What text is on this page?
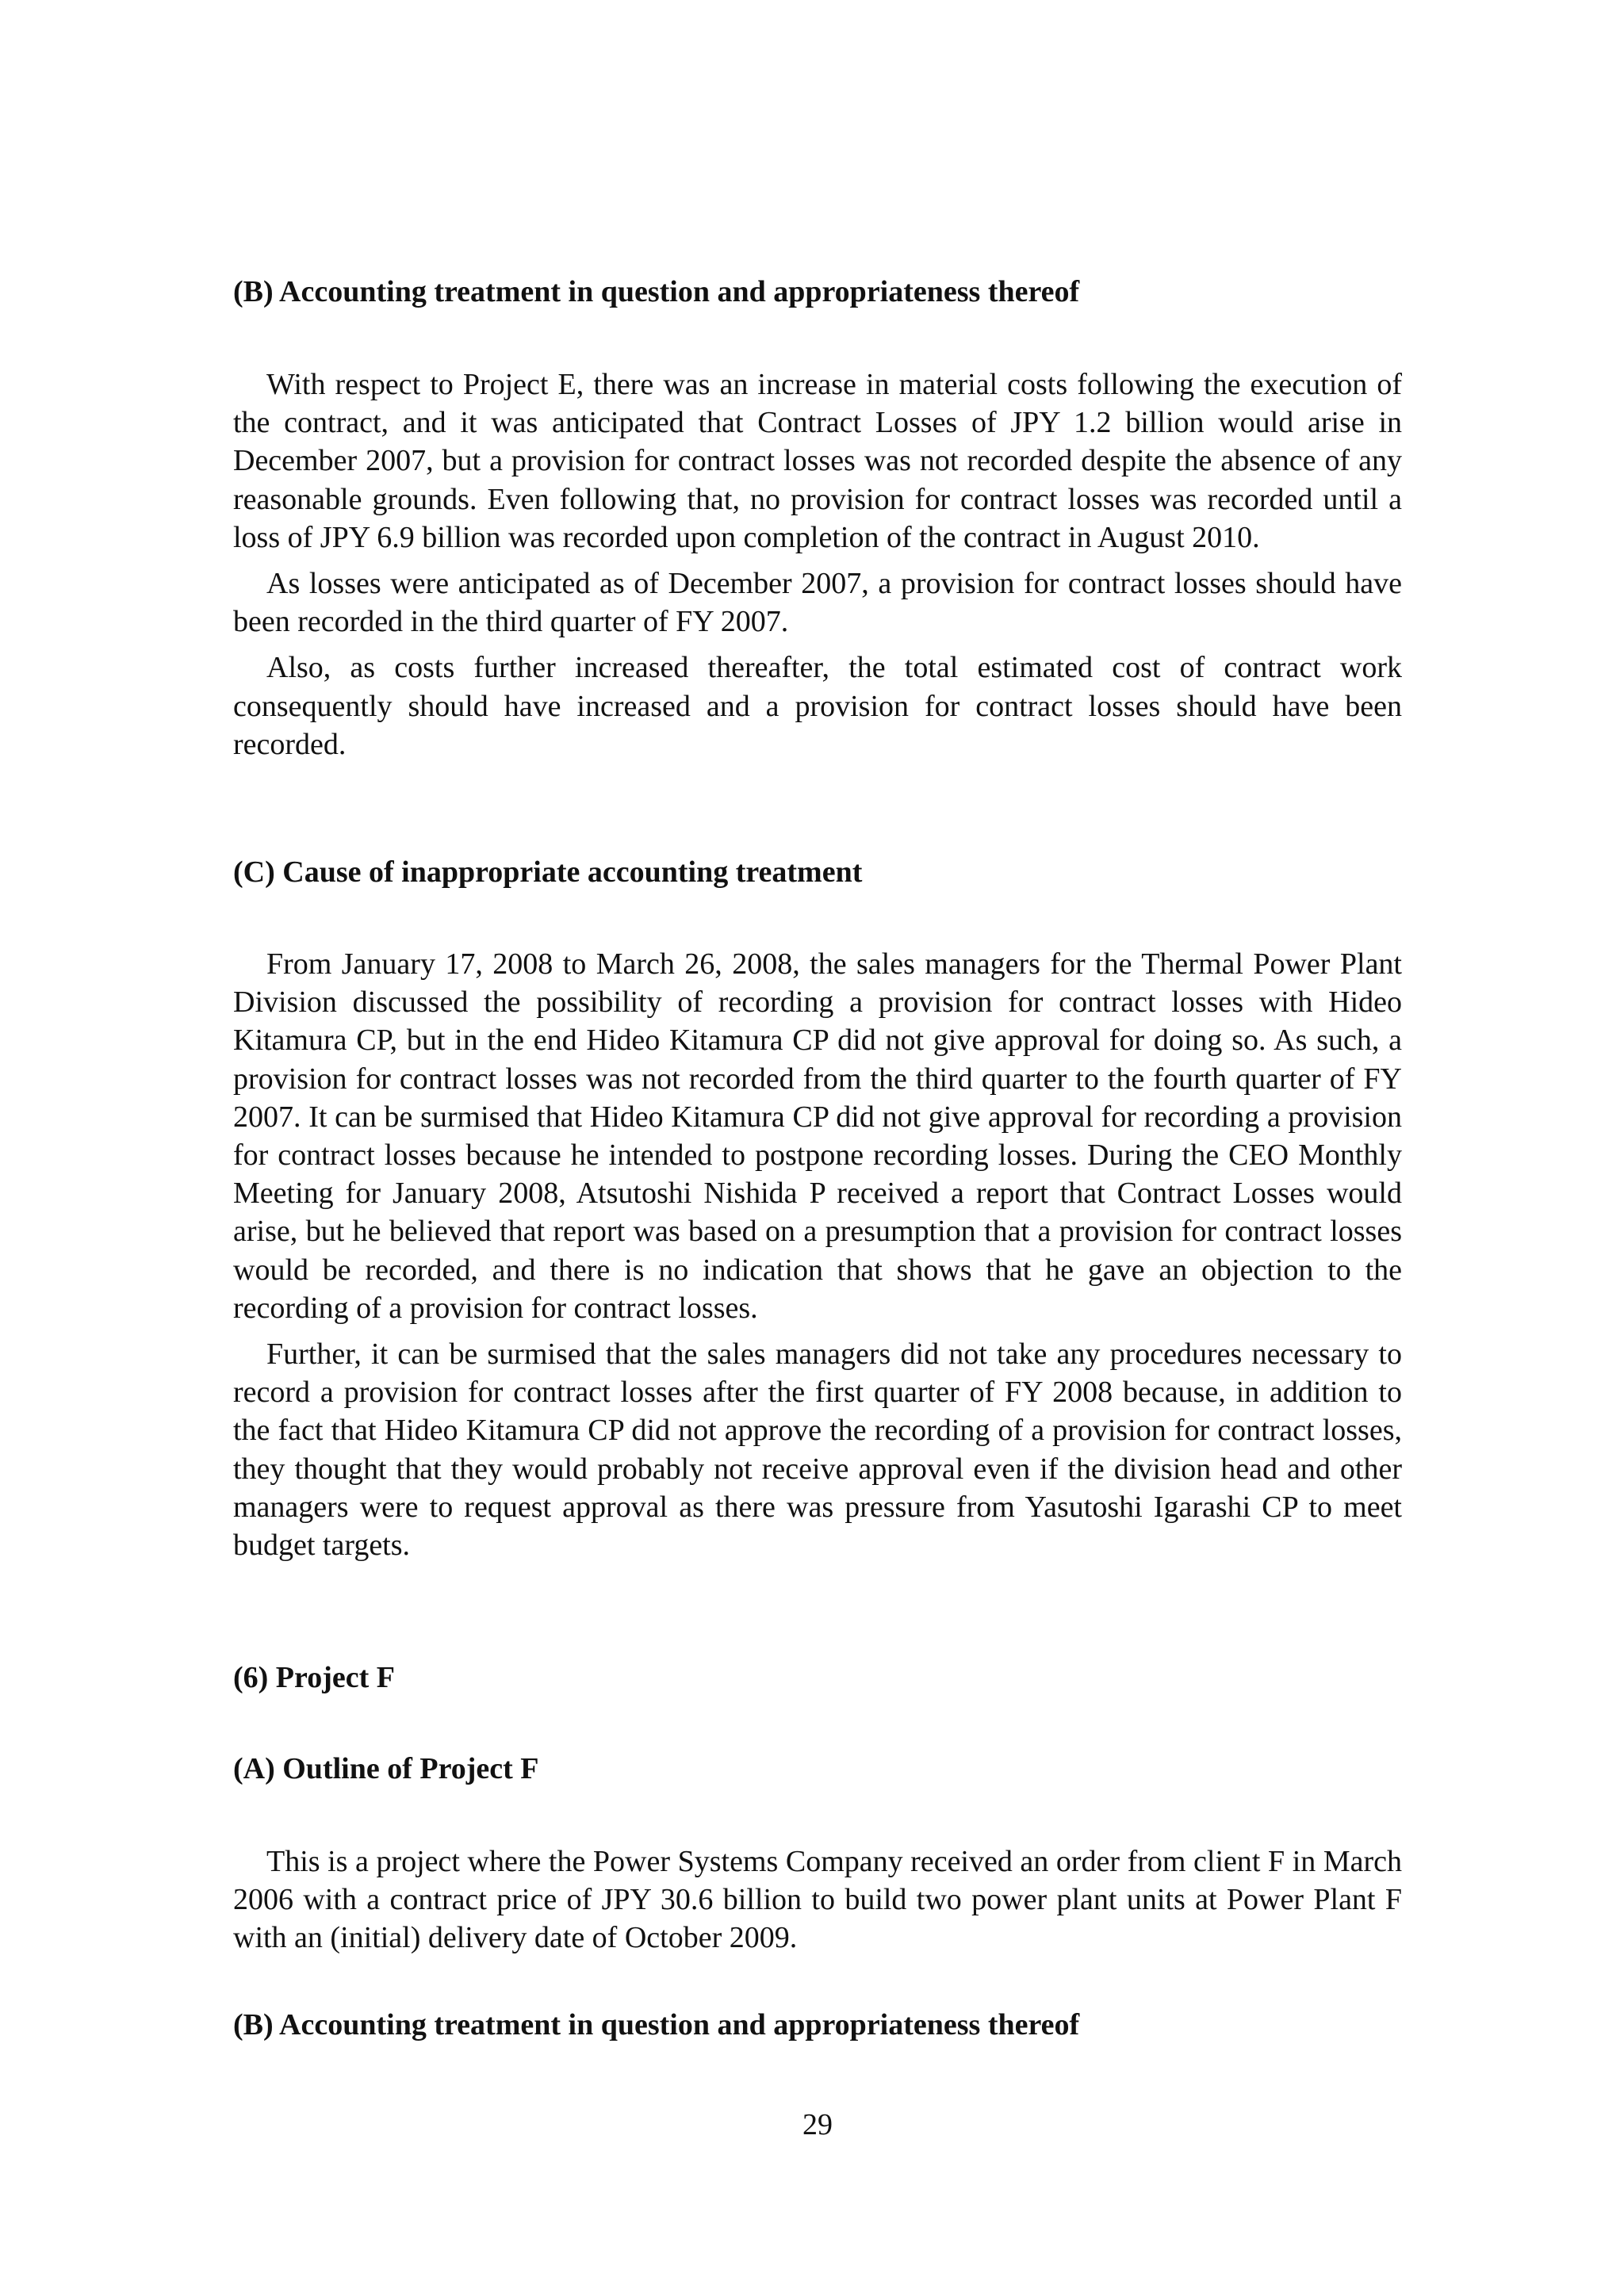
(B) Accounting treatment in question and appropriateness thereof

With respect to Project E, there was an increase in material costs following the execution of the contract, and it was anticipated that Contract Losses of JPY 1.2 billion would arise in December 2007, but a provision for contract losses was not recorded despite the absence of any reasonable grounds. Even following that, no provision for contract losses was recorded until a loss of JPY 6.9 billion was recorded upon completion of the contract in August 2010.

As losses were anticipated as of December 2007, a provision for contract losses should have been recorded in the third quarter of FY 2007.

Also, as costs further increased thereafter, the total estimated cost of contract work consequently should have increased and a provision for contract losses should have been recorded.

(C) Cause of inappropriate accounting treatment

From January 17, 2008 to March 26, 2008, the sales managers for the Thermal Power Plant Division discussed the possibility of recording a provision for contract losses with Hideo Kitamura CP, but in the end Hideo Kitamura CP did not give approval for doing so. As such, a provision for contract losses was not recorded from the third quarter to the fourth quarter of FY 2007. It can be surmised that Hideo Kitamura CP did not give approval for recording a provision for contract losses because he intended to postpone recording losses. During the CEO Monthly Meeting for January 2008, Atsutoshi Nishida P received a report that Contract Losses would arise, but he believed that report was based on a presumption that a provision for contract losses would be recorded, and there is no indication that shows that he gave an objection to the recording of a provision for contract losses.

Further, it can be surmised that the sales managers did not take any procedures necessary to record a provision for contract losses after the first quarter of FY 2008 because, in addition to the fact that Hideo Kitamura CP did not approve the recording of a provision for contract losses, they thought that they would probably not receive approval even if the division head and other managers were to request approval as there was pressure from Yasutoshi Igarashi CP to meet budget targets.

(6) Project F
(A) Outline of Project F

This is a project where the Power Systems Company received an order from client F in March 2006 with a contract price of JPY 30.6 billion to build two power plant units at Power Plant F with an (initial) delivery date of October 2009.

(B) Accounting treatment in question and appropriateness thereof
29
